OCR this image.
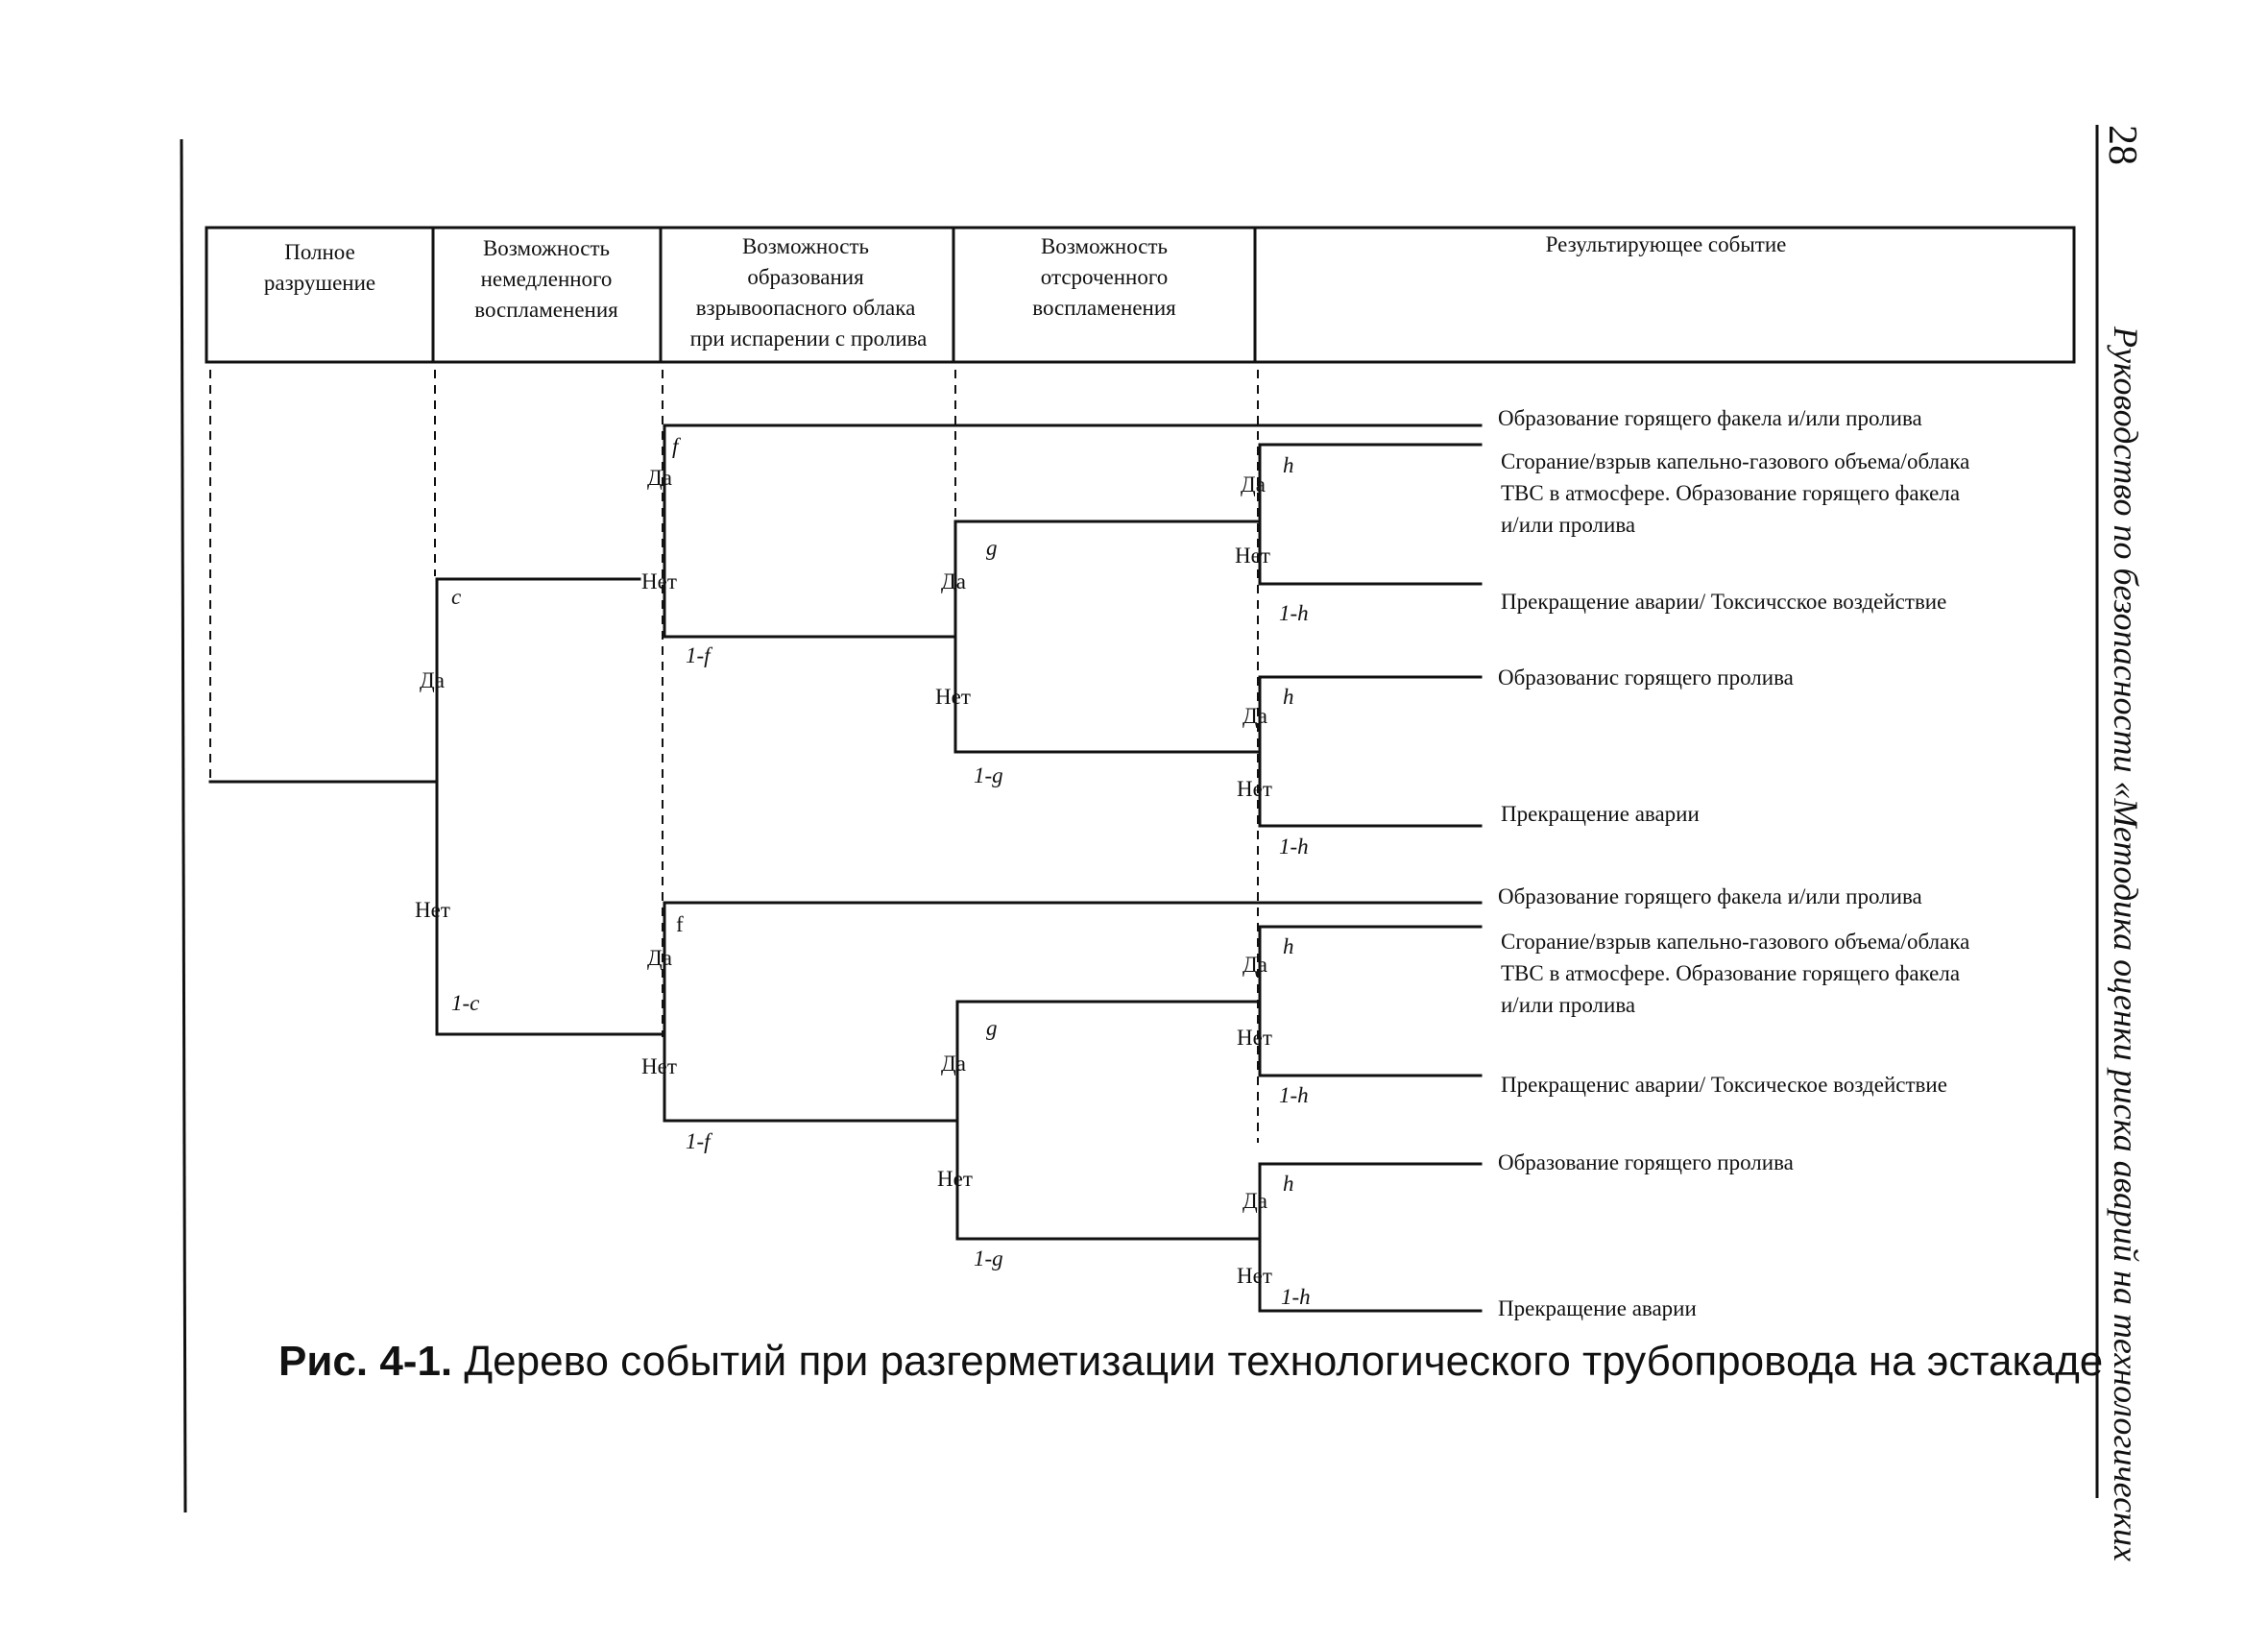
Полное
разрушение
Возможность
немедленного
воспламенения
Возможность
образования
взрывоопасного облака
при испарении с пролива
Возможность
отсроченного
воспламенения
Результирующее событие
c
Да
Нет
1-c
f
Да
Нет
1-f
g
Да
Нет
1-g
h
Да
Нет
1-h
h
Да
Нет
1-h
f
Да
Нет
1-f
g
Да
Нет
1-g
h
Да
Нет
1-h
h
Да
Нет
1-h
Образование горящего факела и/или пролива
Сгорание/взрыв капельно-газового объема/облака
ТВС в атмосфере. Образование горящего факела
и/или пролива
Прекращение аварии/ Токсичсское воздействие
Образованис горящего пролива
Прекращение аварии
Образование горящего факела и/или пролива
Сгорание/взрыв капельно-газового объема/облака
ТВС в атмосфере. Образование горящего факела
и/или пролива
Прекращенис аварии/ Токсическое воздействие
Образование горящего пролива
Прекращение аварии
Рис. 4-1. Дерево событий при разгерметизации технологического трубопровода на эстакаде Руководство по безопасности «Методика оценки риска аварий на технологических
28
